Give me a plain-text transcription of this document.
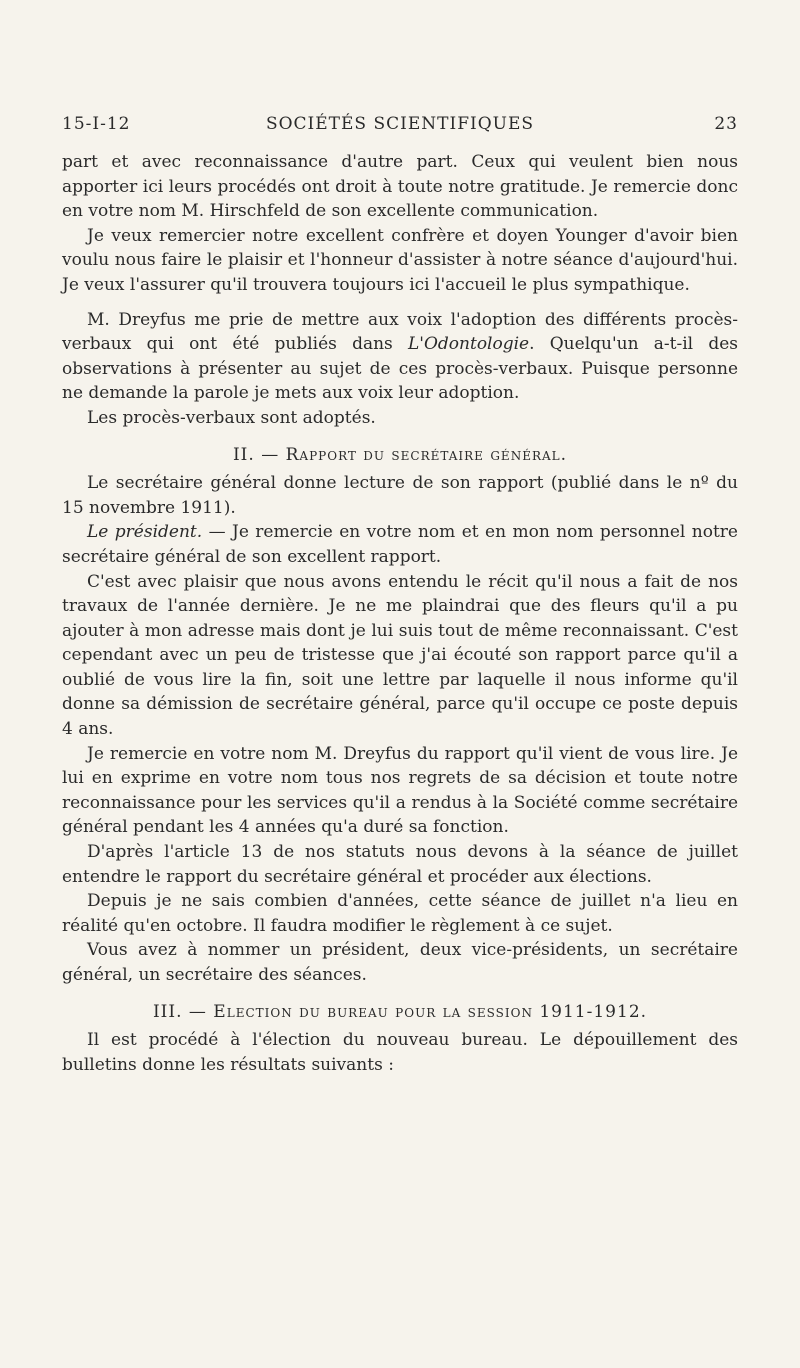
15-I-12	SOCIÉTÉS SCIENTIFIQUES	23

part et avec reconnaissance d'autre part. Ceux qui veulent bien nous apporter ici leurs procédés ont droit à toute notre gratitude. Je remercie donc en votre nom M. Hirschfeld de son excellente communication.

Je veux remercier notre excellent confrère et doyen Younger d'avoir bien voulu nous faire le plaisir et l'honneur d'assister à notre séance d'aujourd'hui. Je veux l'assurer qu'il trouvera toujours ici l'accueil le plus sympathique.

M. Dreyfus me prie de mettre aux voix l'adoption des différents procès-verbaux qui ont été publiés dans L'Odontologie. Quelqu'un a-t-il des observations à présenter au sujet de ces procès-verbaux. Puisque personne ne demande la parole je mets aux voix leur adoption.

Les procès-verbaux sont adoptés.

II. — Rapport du secrétaire général.

Le secrétaire général donne lecture de son rapport (publié dans le nº du 15 novembre 1911).

Le président. — Je remercie en votre nom et en mon nom personnel notre secrétaire général de son excellent rapport.

C'est avec plaisir que nous avons entendu le récit qu'il nous a fait de nos travaux de l'année dernière. Je ne me plaindrai que des fleurs qu'il a pu ajouter à mon adresse mais dont je lui suis tout de même reconnaissant. C'est cependant avec un peu de tristesse que j'ai écouté son rapport parce qu'il a oublié de vous lire la fin, soit une lettre par laquelle il nous informe qu'il donne sa démission de secrétaire général, parce qu'il occupe ce poste depuis 4 ans.

Je remercie en votre nom M. Dreyfus du rapport qu'il vient de vous lire. Je lui en exprime en votre nom tous nos regrets de sa décision et toute notre reconnaissance pour les services qu'il a rendus à la Société comme secrétaire général pendant les 4 années qu'a duré sa fonction.

D'après l'article 13 de nos statuts nous devons à la séance de juillet entendre le rapport du secrétaire général et procéder aux élections.

Depuis je ne sais combien d'années, cette séance de juillet n'a lieu en réalité qu'en octobre. Il faudra modifier le règlement à ce sujet.

Vous avez à nommer un président, deux vice-présidents, un secrétaire général, un secrétaire des séances.

III. — Election du bureau pour la session 1911-1912.

Il est procédé à l'élection du nouveau bureau. Le dépouillement des bulletins donne les résultats suivants :
